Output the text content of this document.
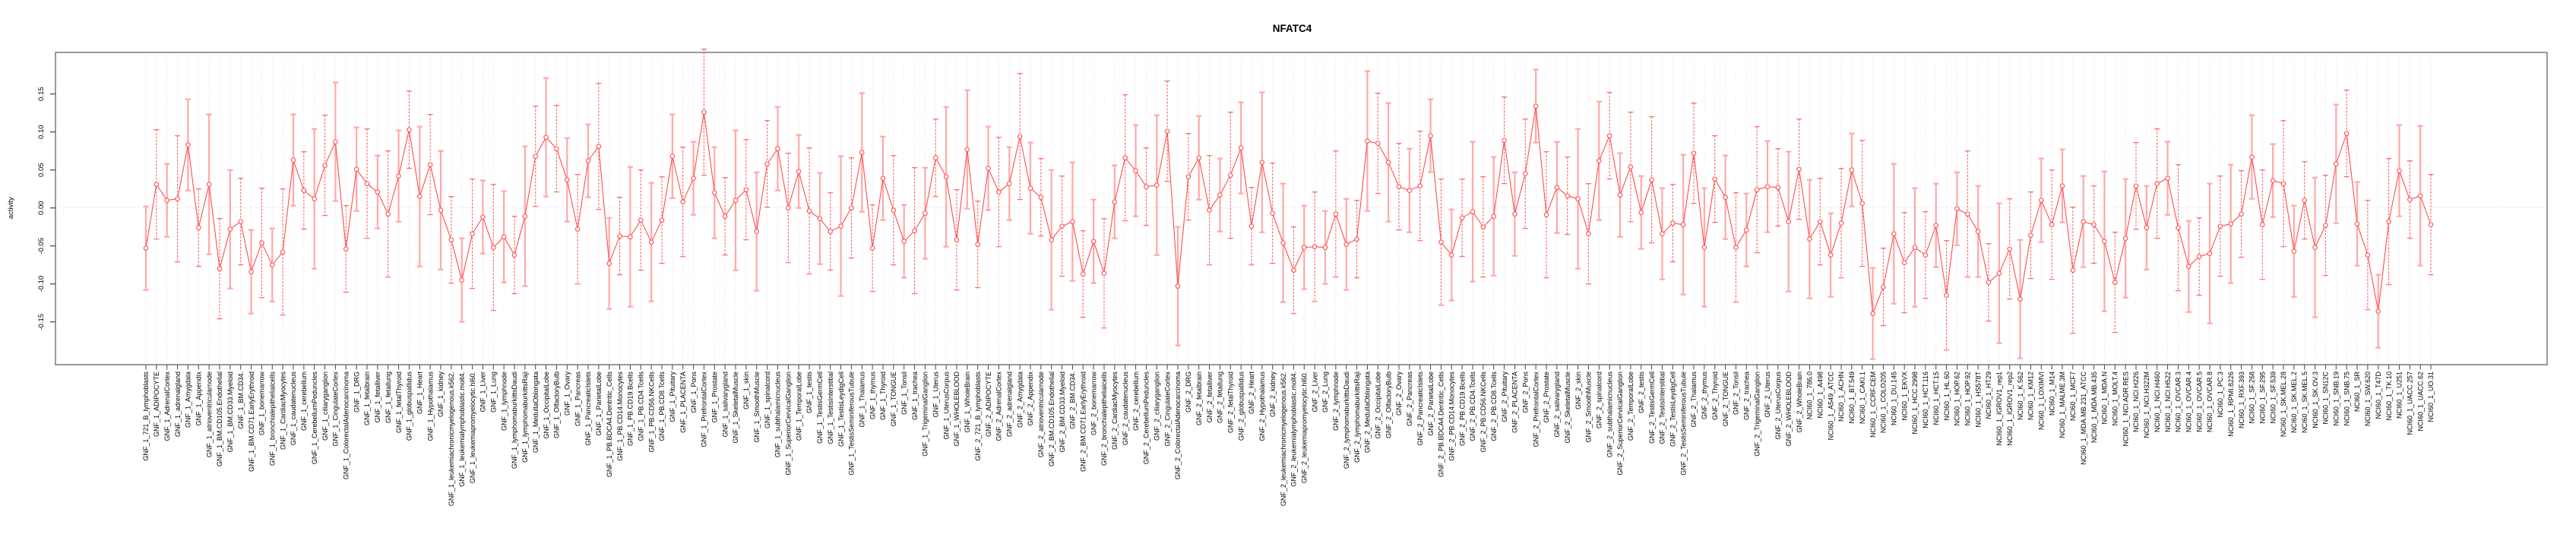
-0.15
-0.10
-0.05
0.00
0.05
0.10
0.15
activity
GNF_1_721_B_lymphoblasts GNF_1_ADIPOCYTE GNF_1_AdrenalCortex GNF_1_adrenalgland GNF_1_Amygdala GNF_1_Appendix GNF_1_atrioventricularnode GNF_1_BM.CD105.Endothelial GNF_1_BM.CD33.Myeloid GNF_1_BM.CD34. GNF_1_BM.CD71.EarlyErythroid GNF_1_bonemarrow GNF_1_bronchialepithelialcells GNF_1_CardiacMyocytes GNF_1_caudatenucleus GNF_1_cerebellum GNF_1_CerebellumPeduncles GNF_1_ciliaryganglion GNF_1_CingulateCortex GNF_1_ColorectalAdenocarcinoma GNF_1_DRG GNF_1_fetalbrain GNF_1_fetalliver GNF_1_fetallung GNF_1_fetalThyroid GNF_1_globuspallidus GNF_1_Heart GNF_1_Hypothalamus GNF_1_kidney GNF_1_leukemiachronicmyelogenous.k562. GNF_1_leukemialymphoblastic.molt4. GNF_1_leukemiapromyelocytic.hl60. GNF_1_Liver GNF_1_Lung GNF_1_lymphnode GNF_1_lymphomaburkittsDaudi GNF_1_lymphomaburkittsRaji GNF_1_MedullaOblongata GNF_1_OccipitalLobe GNF_1_OlfactoryBulb GNF_1_Ovary GNF_1_Pancreas GNF_1_PancreaticIslets GNF_1_ParietalLobe GNF_1_PB.BDCA4.Dentritic_Cells GNF_1_PB.CD14.Monocytes GNF_1_PB.CD19.Bcells GNF_1_PB.CD4.Tcells GNF_1_PB.CD56.NKCells GNF_1_PB.CD8.Tcells GNF_1_Pituitary GNF_1_PLACENTA GNF_1_Pons GNF_1_PrefrontalCortex GNF_1_Prostate GNF_1_salivarygland GNF_1_SkeletalMuscle GNF_1_skin GNF_1_SmoothMuscle GNF_1_spinalcord GNF_1_subthalamicnucleus GNF_1_SuperiorCervicalGanglion GNF_1_TemporalLobe GNF_1_testis GNF_1_TestisGermCell GNF_1_TestisInterstitial GNF_1_TestisLeydigCell GNF_1_TestisSeminiferousTubule GNF_1_Thalamus GNF_1_thymus GNF_1_Thyroid GNF_1_TONGUE GNF_1_Tonsil GNF_1_trachea GNF_1_TrigeminalGanglion GNF_1_Uterus GNF_1_UterusCorpus GNF_1_WHOLEBLOOD GNF_1_WholeBrain GNF_2_721_B_lymphoblasts GNF_2_ADIPOCYTE GNF_2_AdrenalCortex GNF_2_adrenalgland GNF_2_Amygdala GNF_2_Appendix GNF_2_atrioventricularnode GNF_2_BM.CD105.Endothelial GNF_2_BM.CD33.Myeloid GNF_2_BM.CD34. GNF_2_BM.CD71.EarlyErythroid GNF_2_bonemarrow GNF_2_bronchialepithelialcells GNF_2_CardiacMyocytes GNF_2_caudatenucleus GNF_2_cerebellum GNF_2_CerebellumPeduncles GNF_2_ciliaryganglion GNF_2_CingulateCortex GNF_2_ColorectalAdenocarcinoma GNF_2_DRG GNF_2_fetalbrain GNF_2_fetalliver GNF_2_fetallung GNF_2_fetalThyroid GNF_2_globuspallidus GNF_2_Heart GNF_2_Hypothalamus GNF_2_kidney GNF_2_leukemiachronicmyelogenous.k562. GNF_2_leukemialymphoblastic.molt4. GNF_2_leukemiapromyelocytic.hl60. GNF_2_Liver GNF_2_Lung GNF_2_lymphnode GNF_2_lymphomaburkittsDaudi GNF_2_lymphomaburkittsRaji GNF_2_MedullaOblongata GNF_2_OccipitalLobe GNF_2_OlfactoryBulb GNF_2_Ovary GNF_2_Pancreas GNF_2_PancreaticIslets GNF_2_ParietalLobe GNF_2_PB.BDCA4.Dentritic_Cells GNF_2_PB.CD14.Monocytes GNF_2_PB.CD19.Bcells GNF_2_PB.CD4.Tcells GNF_2_PB.CD56.NKCells GNF_2_PB.CD8.Tcells GNF_2_Pituitary GNF_2_PLACENTA GNF_2_Pons GNF_2_PrefrontalCortex GNF_2_Prostate GNF_2_salivarygland GNF_2_SkeletalMuscle GNF_2_skin GNF_2_SmoothMuscle GNF_2_spinalcord GNF_2_subthalamicnucleus GNF_2_SuperiorCervicalGanglion GNF_2_TemporalLobe GNF_2_testis GNF_2_TestisGermCell GNF_2_TestisInterstitial GNF_2_TestisLeydigCell GNF_2_TestisSeminiferousTubule GNF_2_Thalamus GNF_2_thymus GNF_2_Thyroid GNF_2_TONGUE GNF_2_Tonsil GNF_2_trachea GNF_2_TrigeminalGanglion GNF_2_Uterus GNF_2_UterusCorpus GNF_2_WHOLEBLOOD GNF_2_WholeBrain NCI60_1_786.0 NCI60_1_A498 NCI60_1_A549_ATCC NCI60_1_ACHN NCI60_1_BT.549 NCI60_1_CAKI.1 NCI60_1_CCRF.CEM NCI60_1_COLO205 NCI60_1_DU.145 NCI60_1_EKVX NCI60_1_HCC.2998 NCI60_1_HCT.116 NCI60_1_HCT.15 NCI60_1_HL.60 NCI60_1_HOP.62 NCI60_1_HOP.92 NCI60_1_HS578T NCI60_1_HT29 NCI60_1_IGROV1_rep1 NCI60_1_IGROV1_rep2 NCI60_1_K.562 NCI60_1_KM12 NCI60_1_LOXIMVI NCI60_1_M14 NCI60_1_MALME.3M NCI60_1_MCF7 NCI60_1_MDA.MB.231_ATCC NCI60_1_MDA.MB.435 NCI60_1_MDA.N NCI60_1_MOLT.4 NCI60_1_NCI.ADR.RES NCI60_1_NCI.H226 NCI60_1_NCI.H322M NCI60_1_NCI.H460 NCI60_1_NCI.H522 NCI60_1_OVCAR.3 NCI60_1_OVCAR.4 NCI60_1_OVCAR.5 NCI60_1_OVCAR.8 NCI60_1_PC.3 NCI60_1_RPMI.8226 NCI60_1_RXF.393 NCI60_1_SF.268 NCI60_1_SF.295 NCI60_1_SF.539 NCI60_1_SK.MEL.28 NCI60_1_SK.MEL.2 NCI60_1_SK.MEL.5 NCI60_1_SK.OV.3 NCI60_1_SN12C NCI60_1_SNB.19 NCI60_1_SNB.75 NCI60_1_SR NCI60_1_SW.620 NCI60_1_T47D NCI60_1_TK.10 NCI60_1_U251 NCI60_1_UACC.257 NCI60_1_UACC.62 NCI60_1_UO.31
NFATC4
